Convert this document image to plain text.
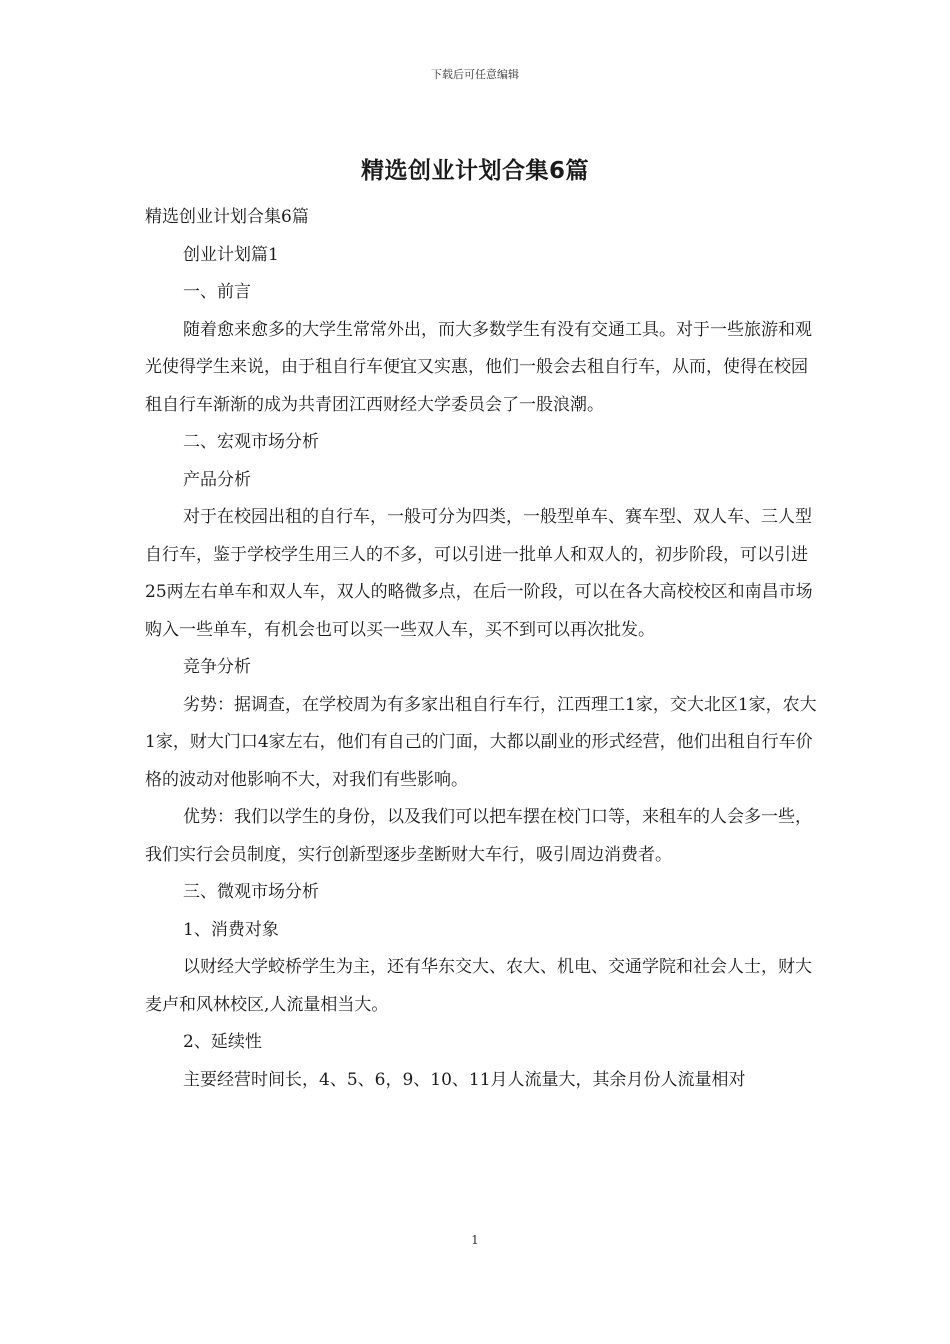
下载后可任意编辑
精选创业计划合集6篇

精选创业计划合集6篇

创业计划篇1

一、前言

随着愈来愈多的大学生常常外出，而大多数学生有没有交通工具。对于一些旅游和观光使得学生来说，由于租自行车便宜又实惠，他们一般会去租自行车，从而，使得在校园租自行车渐渐的成为共青团江西财经大学委员会了一股浪潮。

二、宏观市场分析

产品分析

对于在校园出租的自行车，一般可分为四类，一般型单车、赛车型、双人车、三人型自行车，鉴于学校学生用三人的不多，可以引进一批单人和双人的，初步阶段，可以引进25两左右单车和双人车，双人的略微多点，在后一阶段，可以在各大高校校区和南昌市场购入一些单车，有机会也可以买一些双人车，买不到可以再次批发。

竞争分析

劣势：据调查，在学校周为有多家出租自行车行，江西理工1家，交大北区1家，农大1家，财大门口4家左右，他们有自己的门面，大都以副业的形式经营，他们出租自行车价格的波动对他影响不大，对我们有些影响。

优势：我们以学生的身份，以及我们可以把车摆在校门口等，来租车的人会多一些，我们实行会员制度，实行创新型逐步垄断财大车行，吸引周边消费者。

三、微观市场分析

1、消费对象

以财经大学蛟桥学生为主，还有华东交大、农大、机电、交通学院和社会人士，财大麦卢和风林校区,人流量相当大。

2、延续性

主要经营时间长，4、5、6，9、10、11月人流量大，其余月份人流量相对

1
